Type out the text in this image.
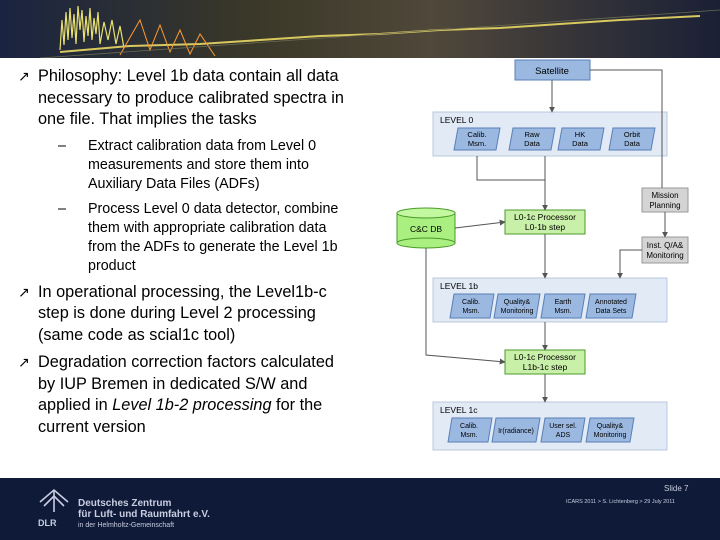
↗ Philosophy: Level 1b data contain all data
necessary to produce calibrated spectra in
one file. That implies the tasks
– Extract calibration data from Level 0
measurements and store them into
Auxiliary Data Files (ADFs)
– Process Level 0 data detector, combine
them with appropriate calibration data
from the ADFs to generate the Level 1b
product
↗ In operational processing, the Level1b-c
step is done during Level 2 processing
(same code as scial1c tool)
↗ Degradation correction factors calculated
by IUP Bremen in dedicated S/W and
applied in Level 1b-2 processing for the
current version
Satellite
LEVEL 0
Calib.
Msm.
Raw
Data
HK
Data
Orbit
Data
Mission
Planning
Inst. Q/A&
Monitoring
C&C DB
L0-1c Processor
L0-1b step
LEVEL 1b
Calib.
Msm.
Quality&
Monitoring
Earth
Msm.
Annotated
Data Sets
L0-1c Processor
L1b-1c step
LEVEL 1c
Calib.
Msm.
Ir(radiance)
User sel.
ADS
Quality&
Monitoring
DLR
Deutsches Zentrum
für Luft- und Raumfahrt e.V.
in der Helmholtz-Gemeinschaft
Slide 7
ICARS 2011 > S. Lichtenberg > 29 July 2011
